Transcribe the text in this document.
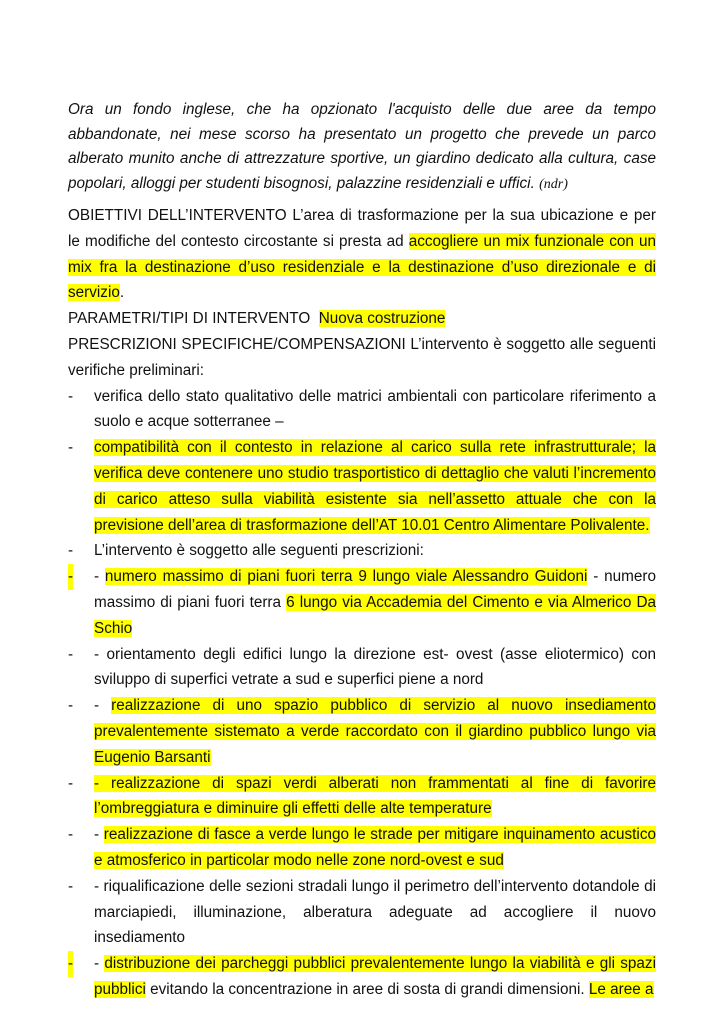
Ora un fondo inglese, che ha opzionato l'acquisto delle due aree da tempo abbandonate, nei mese scorso ha presentato un progetto che prevede un parco alberato munito anche di attrezzature sportive, un giardino dedicato alla cultura, case popolari, alloggi per studenti bisognosi, palazzine residenziali e uffici. (ndr)

OBIETTIVI DELL’INTERVENTO L’area di trasformazione per la sua ubicazione e per le modifiche del contesto circostante si presta ad accogliere un mix funzionale con un mix fra la destinazione d’uso residenziale e la destinazione d’uso direzionale e di servizio.

PARAMETRI/TIPI DI INTERVENTO Nuova costruzione

PRESCRIZIONI SPECIFICHE/COMPENSAZIONI L’intervento è soggetto alle seguenti verifiche preliminari:

- verifica dello stato qualitativo delle matrici ambientali con particolare riferimento a suolo e acque sotterranee –
- compatibilità con il contesto in relazione al carico sulla rete infrastrutturale; la verifica deve contenere uno studio trasportistico di dettaglio che valuti l’incremento di carico atteso sulla viabilità esistente sia nell’assetto attuale che con la previsione dell’area di trasformazione dell’AT 10.01 Centro Alimentare Polivalente.
- L’intervento è soggetto alle seguenti prescrizioni:
- - numero massimo di piani fuori terra 9 lungo viale Alessandro Guidoni - numero massimo di piani fuori terra 6 lungo via Accademia del Cimento e via Almerico Da Schio
- - orientamento degli edifici lungo la direzione est- ovest (asse eliotermico) con sviluppo di superfici vetrate a sud e superfici piene a nord
- - realizzazione di uno spazio pubblico di servizio al nuovo insediamento prevalentemente sistemato a verde raccordato con il giardino pubblico lungo via Eugenio Barsanti
- - realizzazione di spazi verdi alberati non frammentati al fine di favorire l’ombreggiatura e diminuire gli effetti delle alte temperature
- - realizzazione di fasce a verde lungo le strade per mitigare inquinamento acustico e atmosferico in particolar modo nelle zone nord-ovest e sud
- - riqualificazione delle sezioni stradali lungo il perimetro dell’intervento dotandole di marciapiedi, illuminazione, alberatura adeguate ad accogliere il nuovo insediamento
- - distribuzione dei parcheggi pubblici prevalentemente lungo la viabilità e gli spazi pubblici evitando la concentrazione in aree di sosta di grandi dimensioni. Le aree a
